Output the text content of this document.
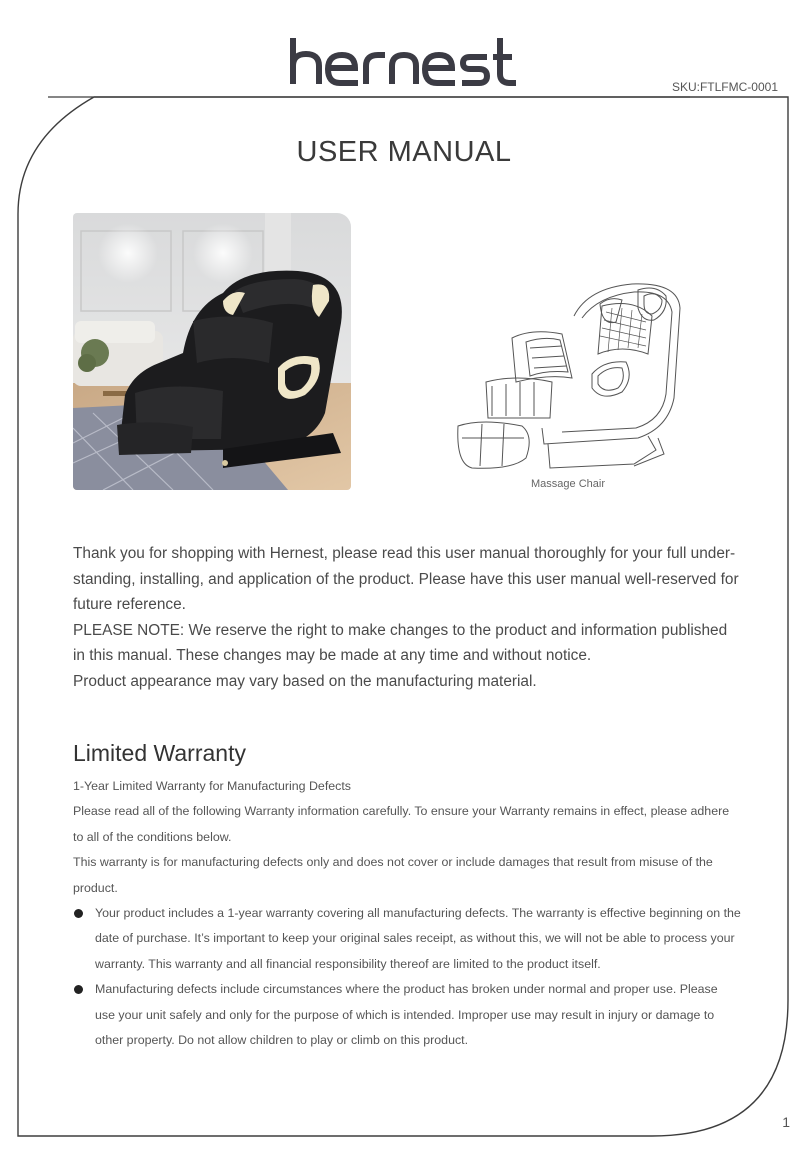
SKU:FTLFMC-0001
USER MANUAL
Massage Chair

Thank you for shopping with Hernest, please read this user manual thoroughly for your full under-standing, installing, and application of the product. Please have this user manual well-reserved for future reference.

PLEASE NOTE: We reserve the right to make changes to the product and information published in this manual. These changes may be made at any time and without notice.

Product appearance may vary based on the manufacturing material.

Limited Warranty

1-Year Limited Warranty for Manufacturing Defects

Please read all of the following Warranty information carefully. To ensure your Warranty remains in effect, please adhere to all of the conditions below.

This warranty is for manufacturing defects only and does not cover or include damages that result from misuse of the product.

Your product includes a 1-year warranty covering all manufacturing defects. The warranty is effective beginning on the date of purchase. It’s important to keep your original sales receipt, as without this, we will not be able to process your warranty. This warranty and all financial responsibility thereof are limited to the product itself.
Manufacturing defects include circumstances where the product has broken under normal and proper use. Please use your unit safely and only for the purpose of which is intended. Improper use may result in injury or damage to other property. Do not allow children to play or climb on this product.
1
